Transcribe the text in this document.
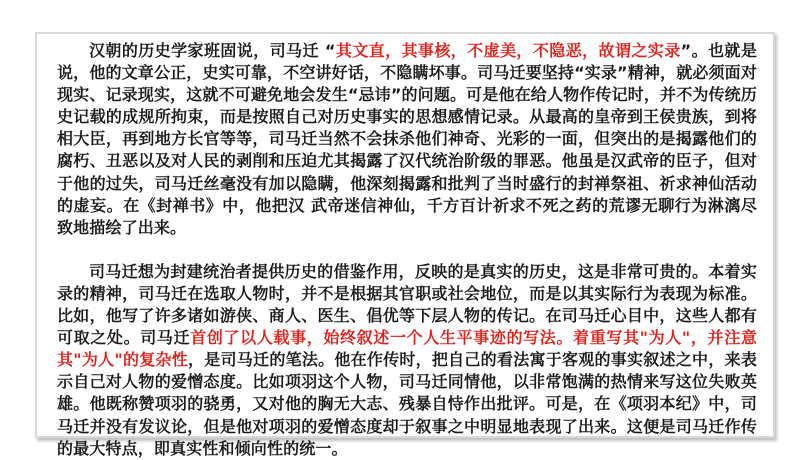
汉朝的历史学家班固说，司马迁 “其文直，其事核，不虚美，不隐恶，故谓之实录”。也就是说，他的文章公正，史实可靠，不空讲好话，不隐瞒坏事。司马迁要坚持“实录”精神，就必须面对现实、记录现实，这就不可避免地会发生“忌讳”的问题。可是他在给人物作传记时，并不为传统历史记载的成规所拘束，而是按照自己对历史事实的思想感情记录。从最高的皇帝到王侯贵族，到将相大臣，再到地方长官等等，司马迁当然不会抹杀他们神奇、光彩的一面，但突出的是揭露他们的腐朽、丑恶以及对人民的剥削和压迫尤其揭露了汉代统治阶级的罪恶。他虽是汉武帝的臣子，但对于他的过失，司马迁丝毫没有加以隐瞒，他深刻揭露和批判了当时盛行的封禅祭祖、祈求神仙活动的虚妄。在《封禅书》中，他把汉 武帝迷信神仙，千方百计祈求不死之药的荒谬无聊行为淋漓尽致地描绘了出来。

司马迁想为封建统治者提供历史的借鉴作用，反映的是真实的历史，这是非常可贵的。本着实录的精神，司马迁在选取人物时，并不是根据其官职或社会地位，而是以其实际行为表现为标准。比如，他写了许多诸如游侠、商人、医生、倡优等下层人物的传记。在司马迁心目中，这些人都有可取之处。司马迁首创了以人载事，始终叙述一个人生平事迹的写法。着重写其"为人"，并注意其"为人"的复杂性，是司马迁的笔法。他在作传时，把自己的看法寓于客观的事实叙述之中，来表示自己对人物的爱憎态度。比如项羽这个人物，司马迁同情他，以非常饱满的热情来写这位失败英雄。他既称赞项羽的骁勇，又对他的胸无大志、残暴自恃作出批评。可是，在《项羽本纪》中，司马迁并没有发议论，但是他对项羽的爱憎态度却于叙事之中明显地表现了出来。这便是司马迁作传的最大特点，即真实性和倾向性的统一。
